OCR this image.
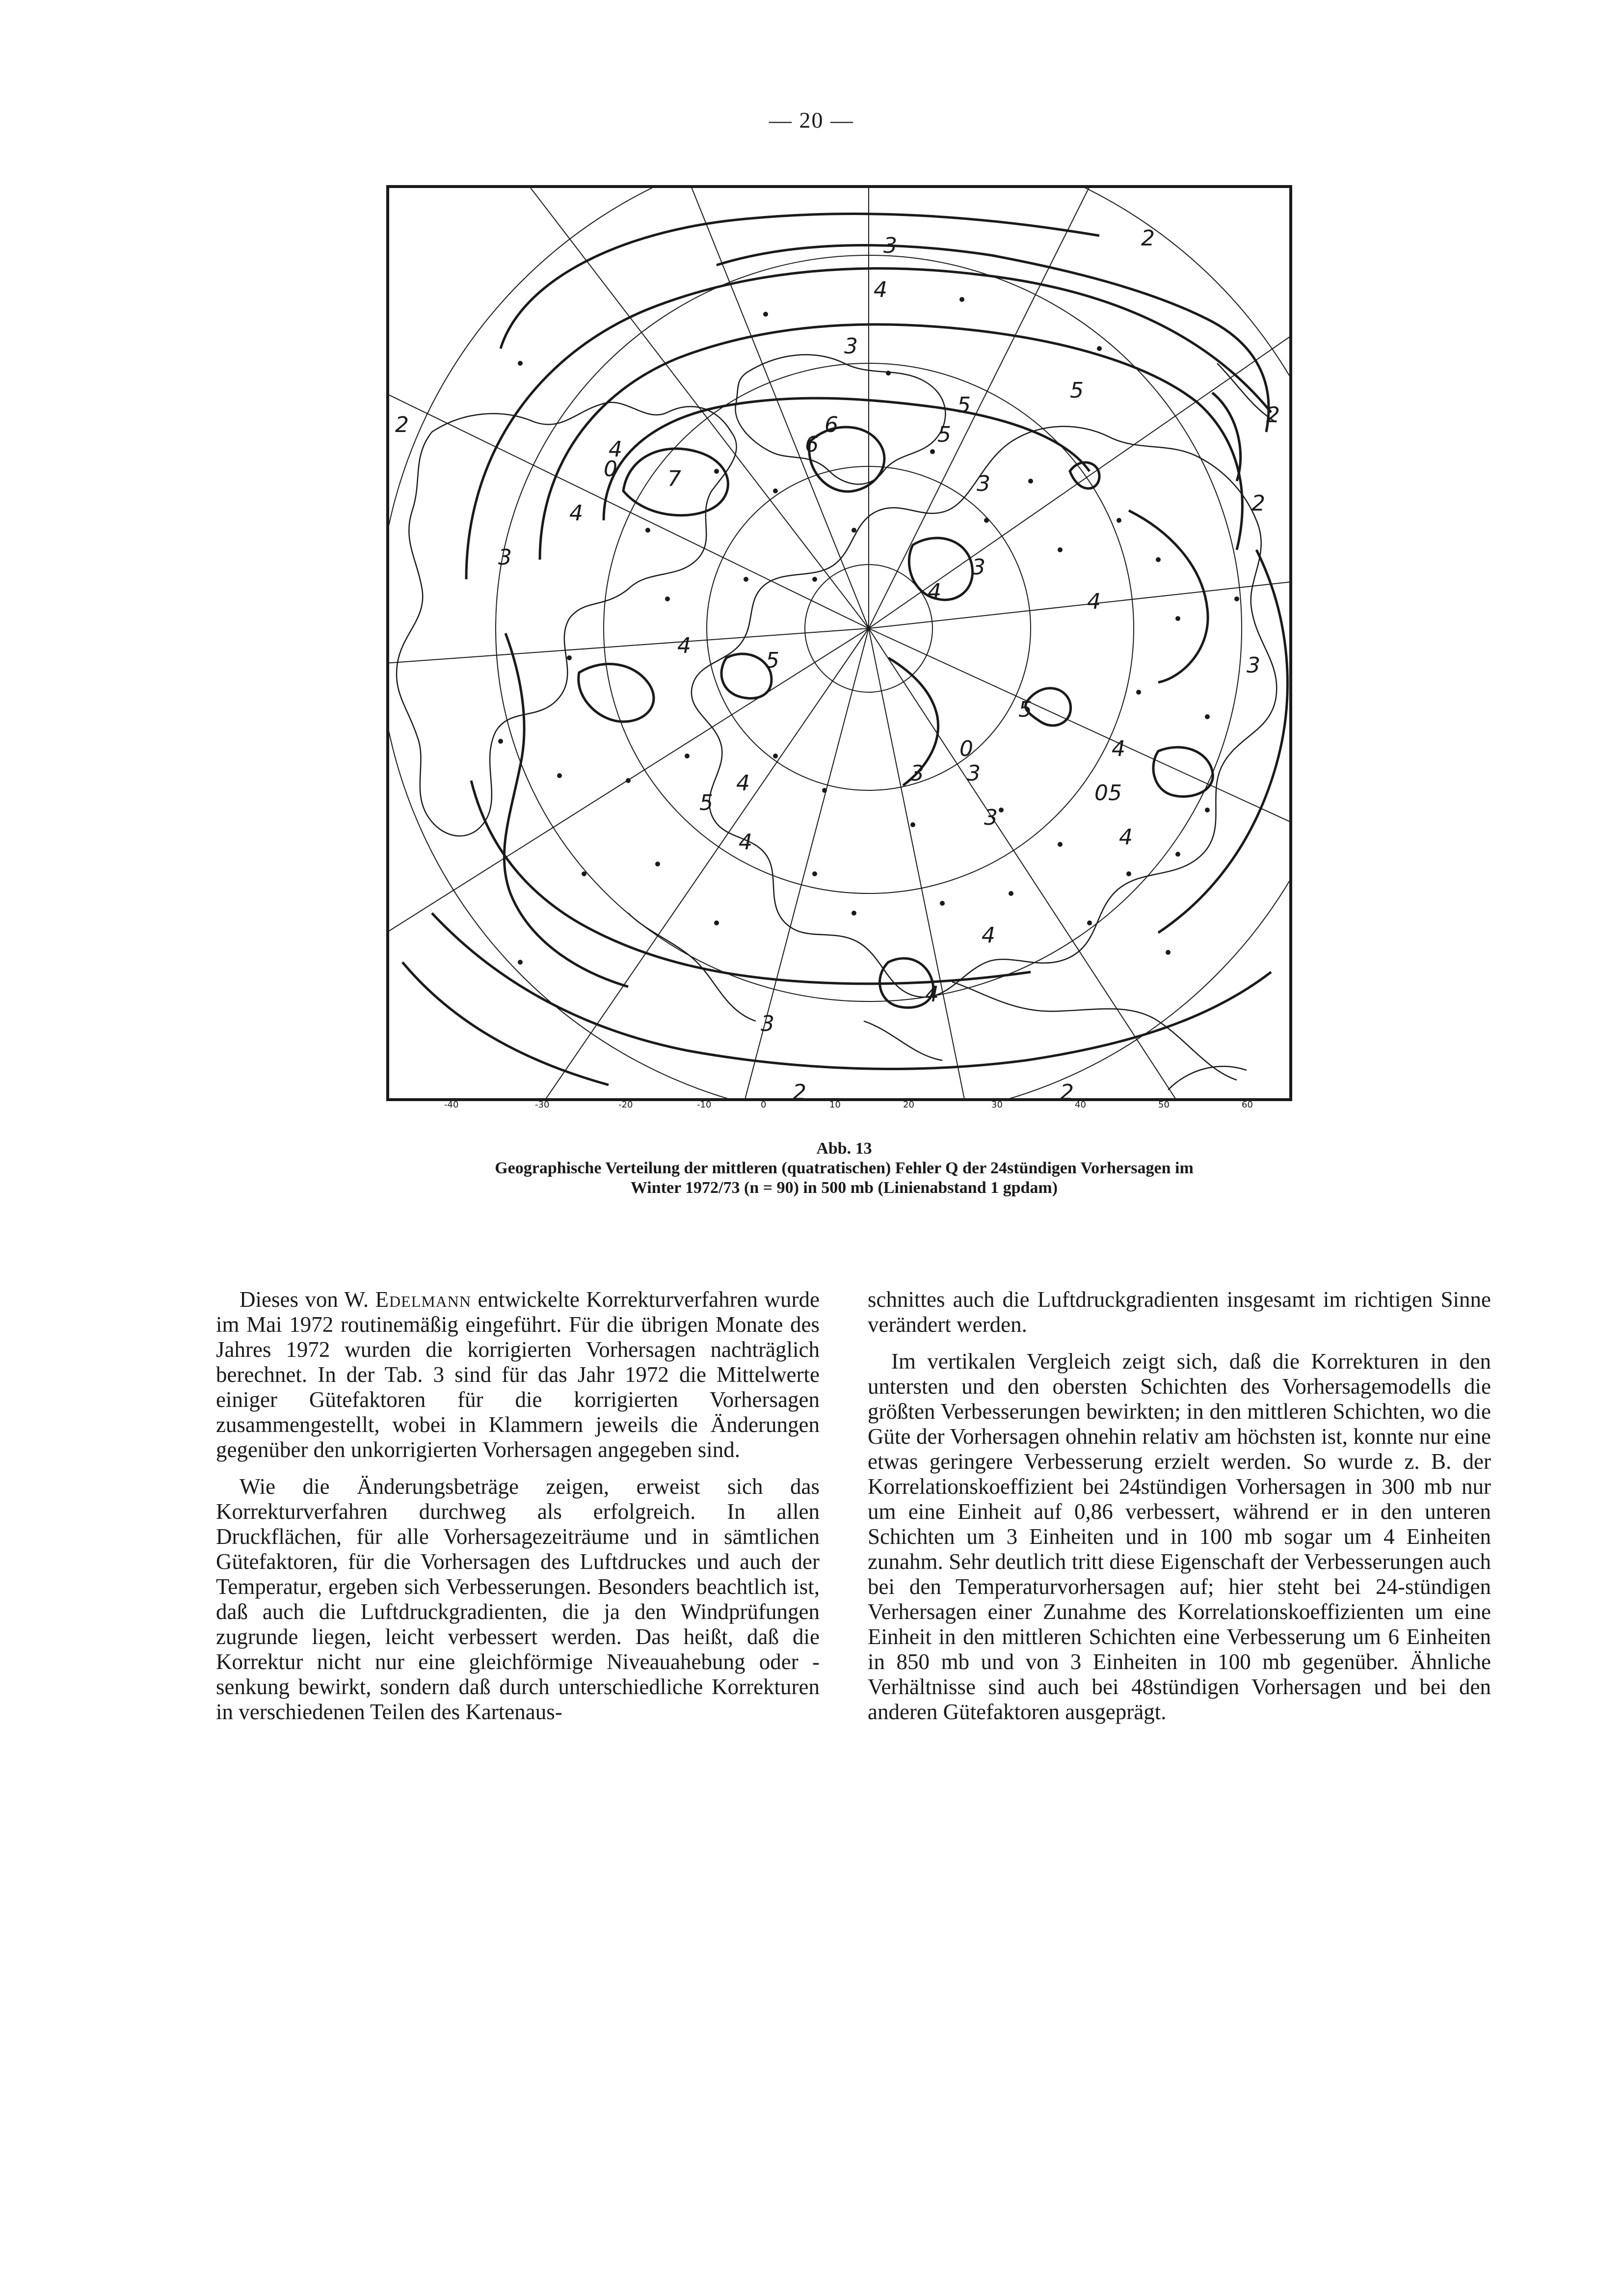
— 20 —
2	2
3
4
5
6
7
4
0
4
2	2
3
4
5
4
3
3
4
4
5	3
0
3
3
4
5	05
3
4
4
4
3
4
2
2
3
5
6
5
-40	-30	-20	-10	0	10	20	30	40	50	60
Abb. 13
Geographische Verteilung der mittleren (quatratischen) Fehler Q der 24stündigen Vorhersagen im Winter 1972/73 (n = 90) in 500 mb (Linienabstand 1 gpdam)

Dieses von W. Edelmann entwickelte Korrekturverfahren wurde im Mai 1972 routinemäßig eingeführt. Für die übrigen Monate des Jahres 1972 wurden die korrigierten Vorhersagen nachträglich berechnet. In der Tab. 3 sind für das Jahr 1972 die Mittelwerte einiger Gütefaktoren für die korrigierten Vorhersagen zusammengestellt, wobei in Klammern jeweils die Änderungen gegenüber den unkorrigierten Vorhersagen angegeben sind.

Wie die Änderungsbeträge zeigen, erweist sich das Korrekturverfahren durchweg als erfolgreich. In allen Druckflächen, für alle Vorhersagezeiträume und in sämtlichen Gütefaktoren, für die Vorhersagen des Luftdruckes und auch der Temperatur, ergeben sich Verbesserungen. Besonders beachtlich ist, daß auch die Luftdruckgradienten, die ja den Windprüfungen zugrunde liegen, leicht verbessert werden. Das heißt, daß die Korrektur nicht nur eine gleichförmige Niveauahebung oder -senkung bewirkt, sondern daß durch unterschiedliche Korrekturen in verschiedenen Teilen des Kartenaus-

schnittes auch die Luftdruckgradienten insgesamt im richtigen Sinne verändert werden.

Im vertikalen Vergleich zeigt sich, daß die Korrekturen in den untersten und den obersten Schichten des Vorhersagemodells die größten Verbesserungen bewirkten; in den mittleren Schichten, wo die Güte der Vorhersagen ohnehin relativ am höchsten ist, konnte nur eine etwas geringere Verbesserung erzielt werden. So wurde z. B. der Korrelationskoeffizient bei 24stündigen Vorhersagen in 300 mb nur um eine Einheit auf 0,86 verbessert, während er in den unteren Schichten um 3 Einheiten und in 100 mb sogar um 4 Einheiten zunahm. Sehr deutlich tritt diese Eigenschaft der Verbesserungen auch bei den Temperaturvorhersagen auf; hier steht bei 24-stündigen Verhersagen einer Zunahme des Korrelationskoeffizienten um eine Einheit in den mittleren Schichten eine Verbesserung um 6 Einheiten in 850 mb und von 3 Einheiten in 100 mb gegenüber. Ähnliche Verhältnisse sind auch bei 48stündigen Vorhersagen und bei den anderen Gütefaktoren ausgeprägt.
